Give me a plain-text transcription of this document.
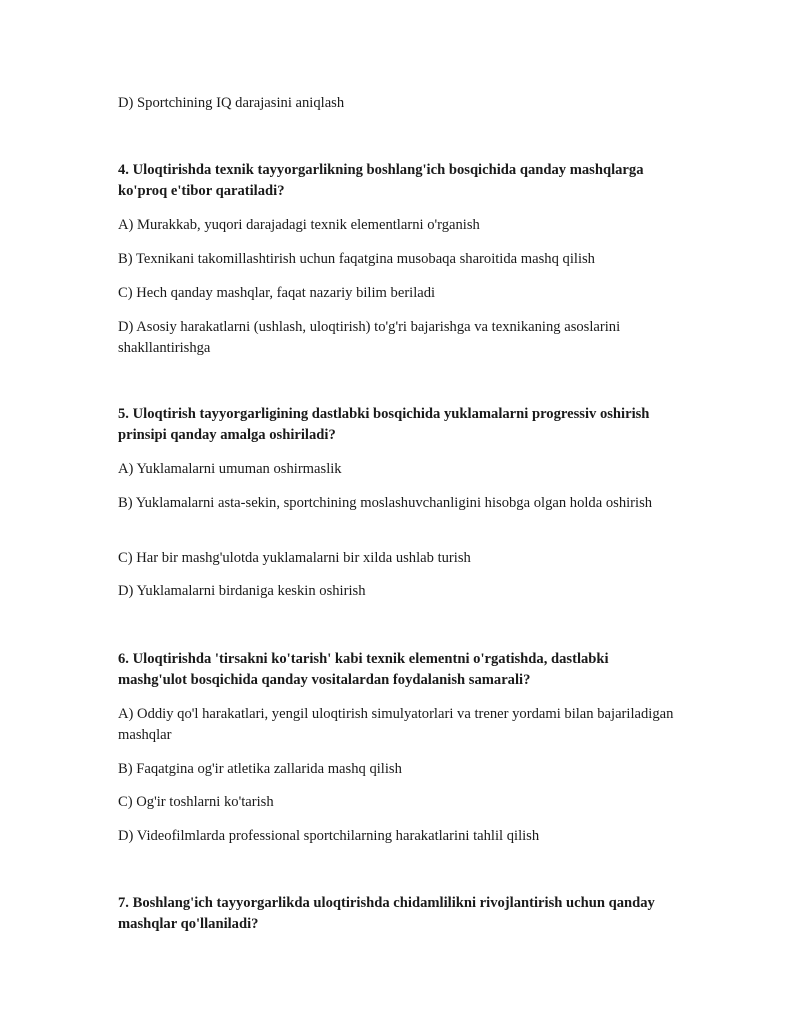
D) Sportchining IQ darajasini aniqlash

4. Uloqtirishda texnik tayyorgarlikning boshlang'ich bosqichida qanday mashqlarga ko'proq e'tibor qaratiladi?

A) Murakkab, yuqori darajadagi texnik elementlarni o'rganish

B) Texnikani takomillashtirish uchun faqatgina musobaqa sharoitida mashq qilish

C) Hech qanday mashqlar, faqat nazariy bilim beriladi

D) Asosiy harakatlarni (ushlash, uloqtirish) to'g'ri bajarishga va texnikaning asoslarini shakllantirishga

5. Uloqtirish tayyorgarligining dastlabki bosqichida yuklamalarni progressiv oshirish prinsipi qanday amalga oshiriladi?

A) Yuklamalarni umuman oshirmaslik

B) Yuklamalarni asta-sekin, sportchining moslashuvchanligini hisobga olgan holda oshirish

C) Har bir mashg'ulotda yuklamalarni bir xilda ushlab turish

D) Yuklamalarni birdaniga keskin oshirish

6. Uloqtirishda 'tirsakni ko'tarish' kabi texnik elementni o'rgatishda, dastlabki mashg'ulot bosqichida qanday vositalardan foydalanish samarali?

A) Oddiy qo'l harakatlari, yengil uloqtirish simulyatorlari va trener yordami bilan bajariladigan mashqlar

B) Faqatgina og'ir atletika zallarida mashq qilish

C) Og'ir toshlarni ko'tarish

D) Videofilmlarda professional sportchilarning harakatlarini tahlil qilish

7. Boshlang'ich tayyorgarlikda uloqtirishda chidamlilikni rivojlantirish uchun qanday mashqlar qo'llaniladi?
